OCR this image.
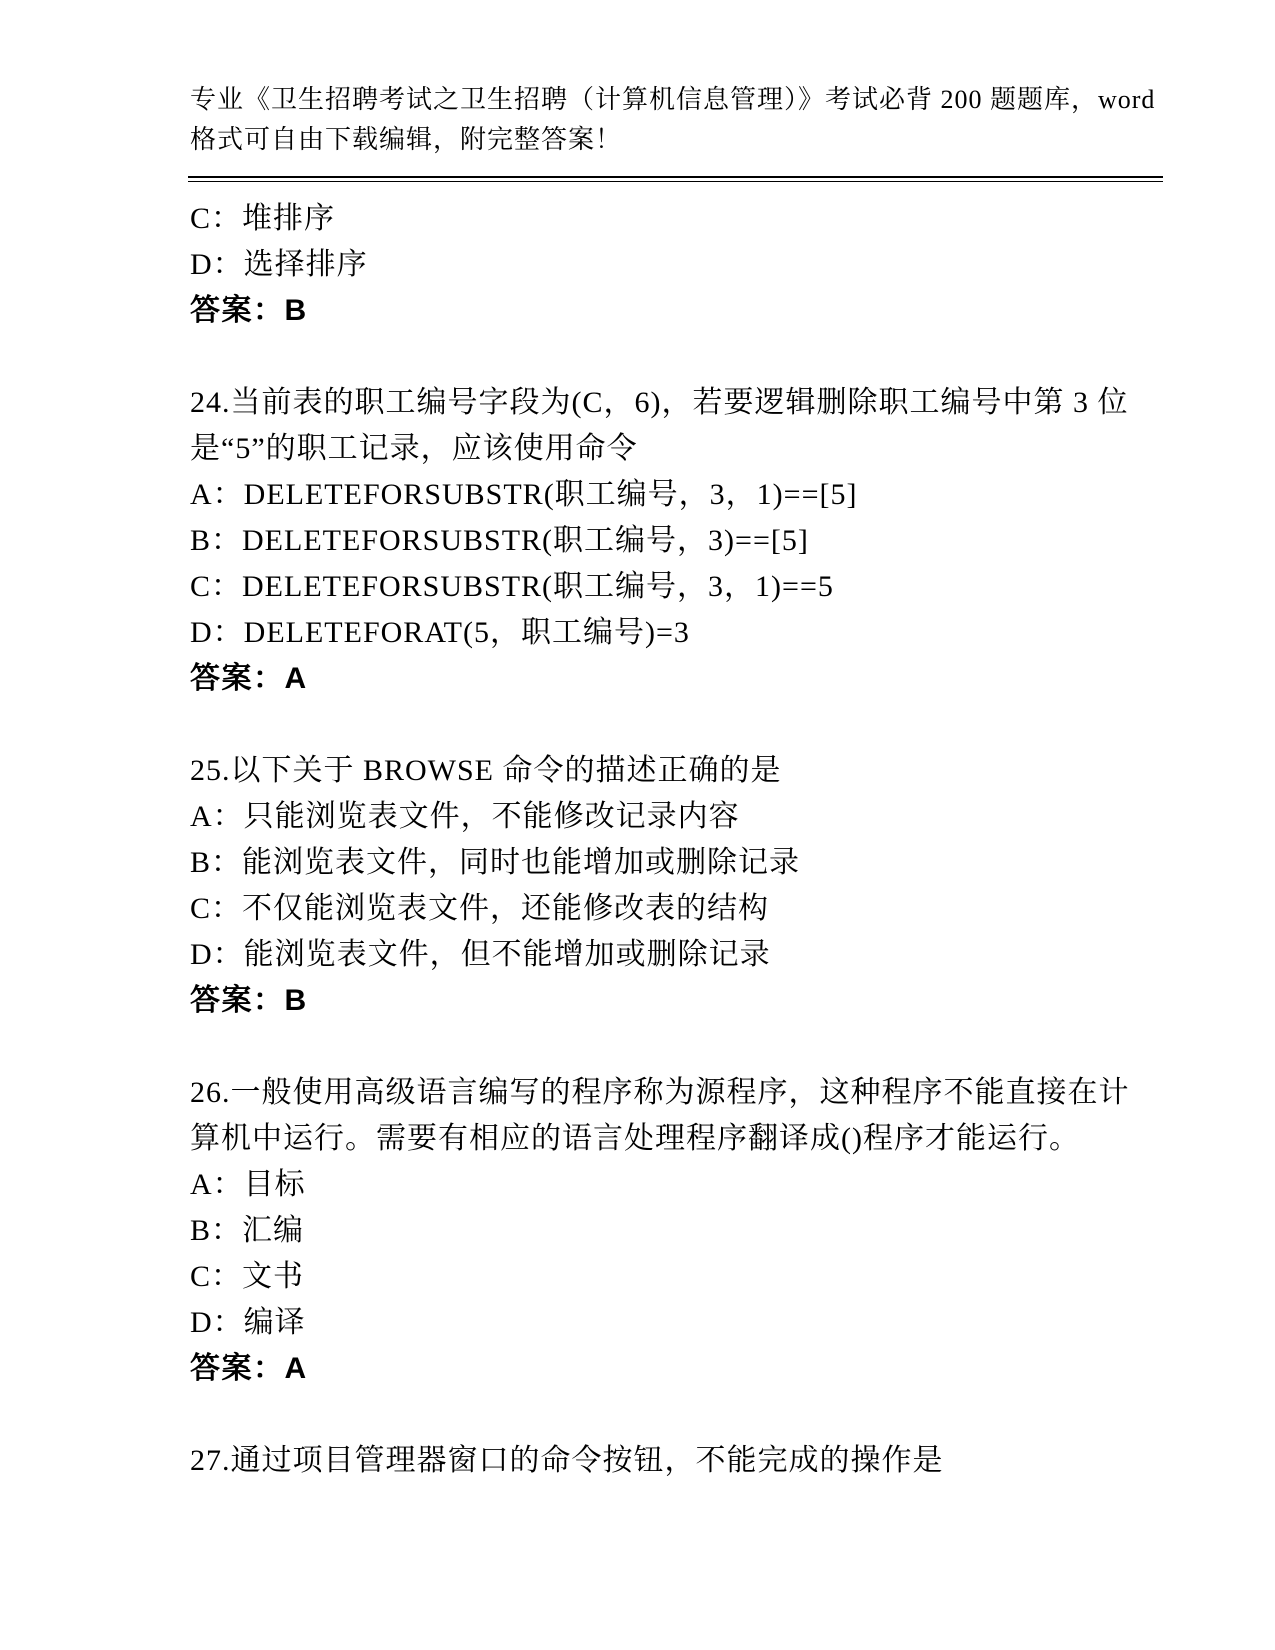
专业《卫生招聘考试之卫生招聘（计算机信息管理）》考试必背 200 题题库，word
格式可自由下载编辑，附完整答案！

C：堆排序

D：选择排序

答案：B

24.当前表的职工编号字段为(C，6)，若要逻辑删除职工编号中第 3 位

是“5”的职工记录，应该使用命令

A：DELETEFORSUBSTR(职工编号，3，1)==[5]

B：DELETEFORSUBSTR(职工编号，3)==[5]

C：DELETEFORSUBSTR(职工编号，3，1)==5

D：DELETEFORAT(5，职工编号)=3

答案：A

25.以下关于 BROWSE 命令的描述正确的是

A：只能浏览表文件，不能修改记录内容

B：能浏览表文件，同时也能增加或删除记录

C：不仅能浏览表文件，还能修改表的结构

D：能浏览表文件，但不能增加或删除记录

答案：B

26.一般使用高级语言编写的程序称为源程序，这种程序不能直接在计

算机中运行。需要有相应的语言处理程序翻译成()程序才能运行。

A：目标

B：汇编

C：文书

D：编译

答案：A

27.通过项目管理器窗口的命令按钮，不能完成的操作是
